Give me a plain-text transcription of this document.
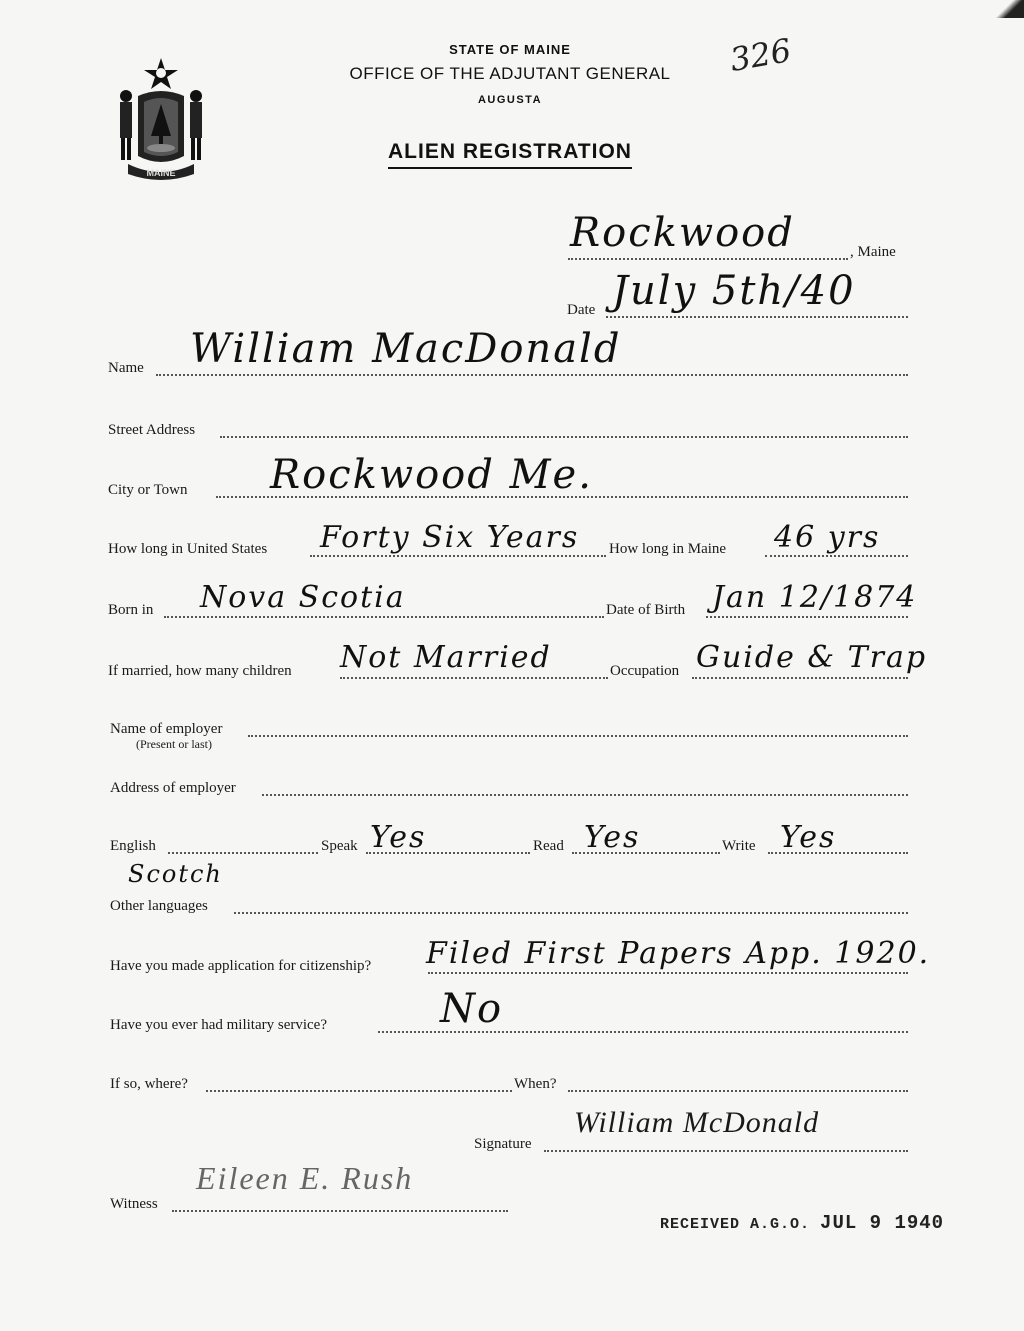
MAINE
STATE OF MAINE
OFFICE OF THE ADJUTANT GENERAL
AUGUSTA
ALIEN REGISTRATION
326
Rockwood	, Maine
Date July 5th/40
Name William MacDonald
Street Address
City or Town Rockwood Me.
How long in United States Forty Six Years How long in Maine 46 yrs
Born in Nova Scotia	Date of Birth Jan 12/1874
If married, how many children Not Married	Occupation Guide & Trap
Name of employer
(Present or last)
Address of employer
English	Speak Yes	Read Yes	Write Yes
Scotch
Other languages
Have you made application for citizenship? Filed First Papers App. 1920.
Have you ever had military service?	No
If so, where?	When?
Signature
William McDonald
Witness
Eileen E. Rush
RECEIVED A.G.O. JUL 9 1940
